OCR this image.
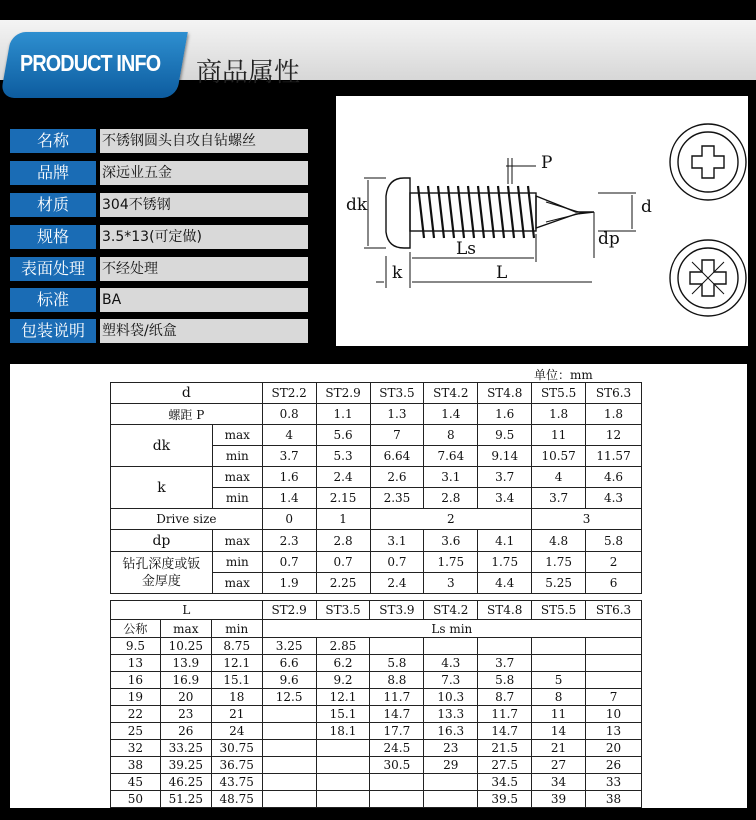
PRODUCT INFO 商品属性
名称	不锈钢圆头自攻自钻螺丝
品牌	深远业五金
材质	304不锈钢
规格	3.5*13(可定做)
表面处理	不经处理
标准	BA
包装说明	塑料袋/纸盒
P
dk	d
dp
Ls
k	L
单位：mm
d		ST2.2	ST2.9	ST3.5	ST4.2	ST4.8	ST5.5	ST6.3
螺距 P		0.8	1.1	1.3	1.4	1.6	1.8	1.8
dk	max	4	5.6	7	8	9.5	11	12
	min	3.7	5.3	6.64	7.64	9.14	10.57	11.57
k	max	1.6	2.4	2.6	3.1	3.7	4	4.6
	min	1.4	2.15	2.35	2.8	3.4	3.7	4.3
Drive size		0	1	2			3	
dp	max	2.3	2.8	3.1	3.6	4.1	4.8	5.8

钻孔深度或钣
金厚度	min	0.7	0.7	0.7	1.75	1.75	1.75	2
	max	1.9	2.25	2.4	3	4.4	5.25	6
L			ST2.9	ST3.5	ST3.9	ST4.2	ST4.8	ST5.5	ST6.3
公称	max	min	Ls min						
9.5	10.25	8.75	3.25	2.85					
13	13.9	12.1	6.6	6.2	5.8	4.3	3.7		
16	16.9	15.1	9.6	9.2	8.8	7.3	5.8	5	
19	20	18	12.5	12.1	11.7	10.3	8.7	8	7
22	23	21		15.1	14.7	13.3	11.7	11	10
25	26	24		18.1	17.7	16.3	14.7	14	13
32	33.25	30.75			24.5	23	21.5	21	20
38	39.25	36.75			30.5	29	27.5	27	26
45	46.25	43.75					34.5	34	33
50	51.25	48.75					39.5	39	38
